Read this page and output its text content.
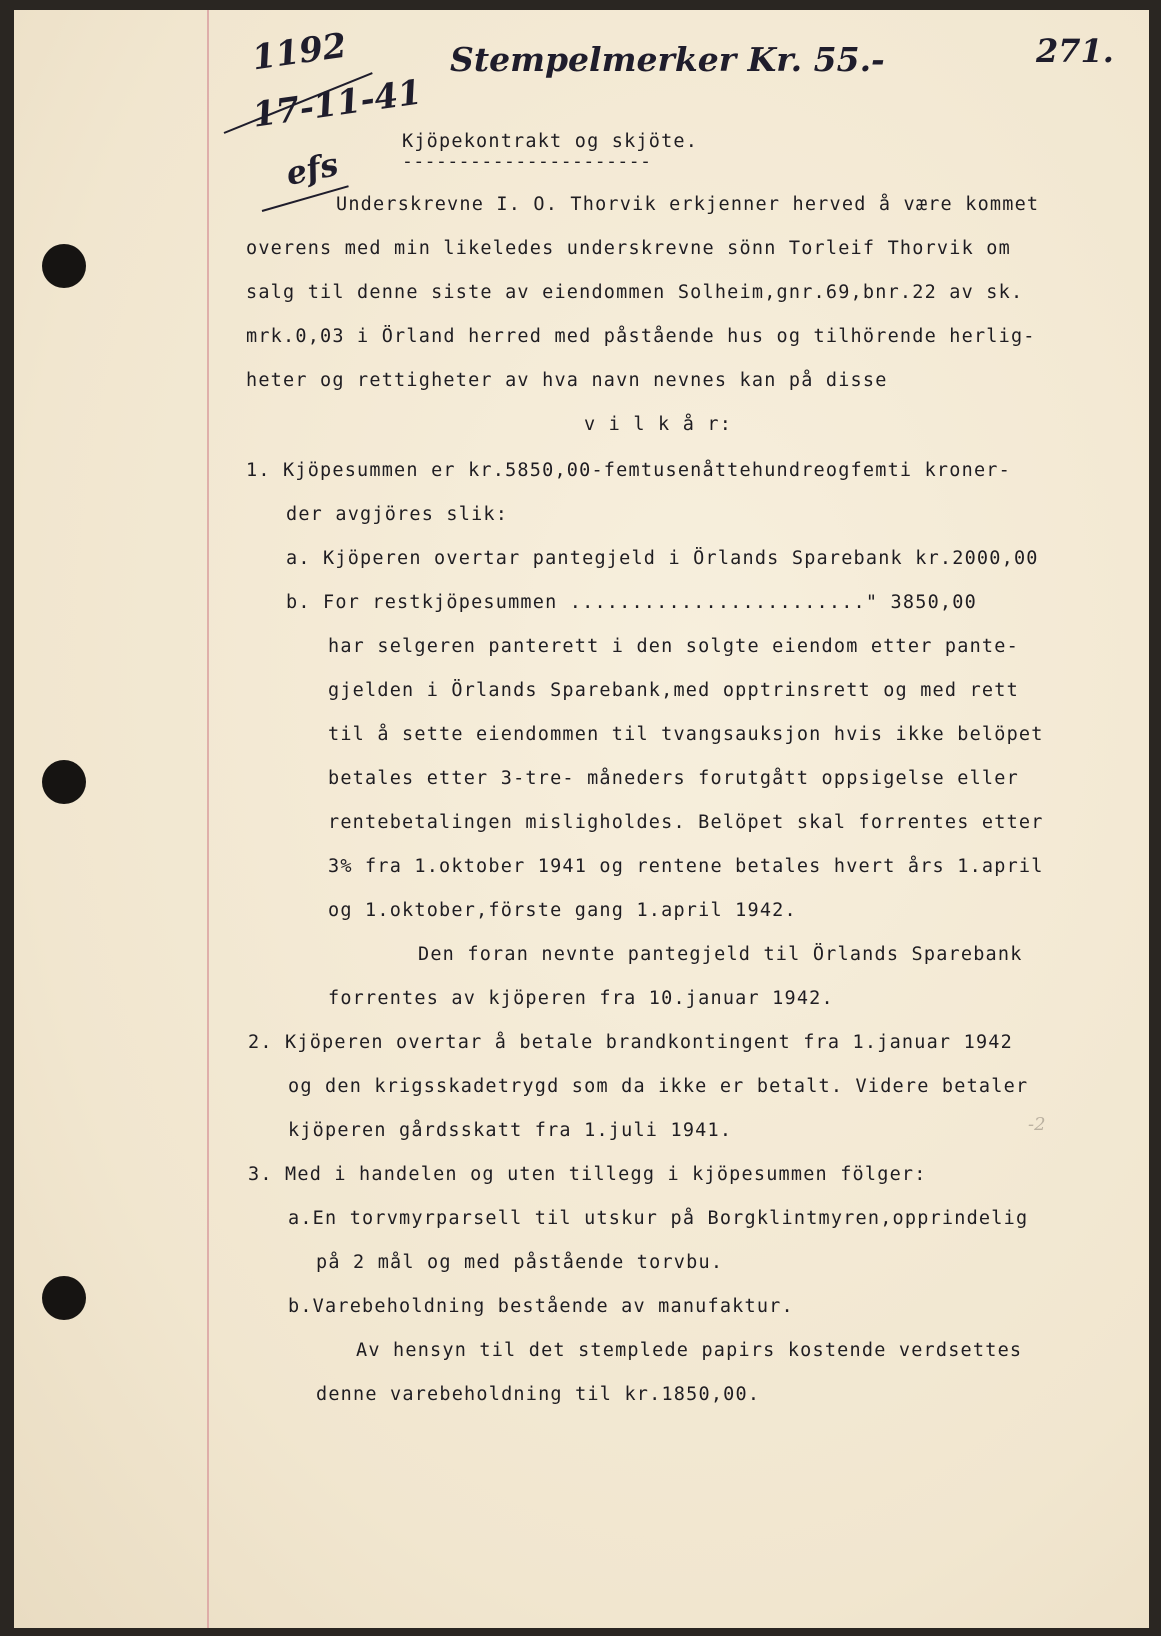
1192
17-11-41
efs
Stempelmerker Kr. 55.-	271.
Kjöpekontrakt og skjöte.
----------------------
Underskrevne I. O. Thorvik erkjenner herved å være kommet
overens med min likeledes underskrevne sönn Torleif Thorvik om
salg til denne siste av eiendommen Solheim,gnr.69,bnr.22 av sk.
mrk.0,03 i Örland herred med påstående hus og tilhörende herlig-
heter og rettigheter av hva navn nevnes kan på disse
v i l k å r:
1. Kjöpesummen er kr.5850,00-femtusenåttehundreogfemti kroner-
der avgjöres slik:
a. Kjöperen overtar pantegjeld i Örlands Sparebank kr.2000,00
b. For restkjöpesummen ........................" 3850,00
har selgeren panterett i den solgte eiendom etter pante-
gjelden i Örlands Sparebank,med opptrinsrett og med rett
til å sette eiendommen til tvangsauksjon hvis ikke belöpet
betales etter 3-tre- måneders forutgått oppsigelse eller
rentebetalingen misligholdes. Belöpet skal forrentes etter
3% fra 1.oktober 1941 og rentene betales hvert års 1.april
og 1.oktober,förste gang 1.april 1942.
Den foran nevnte pantegjeld til Örlands Sparebank
forrentes av kjöperen fra 10.januar 1942.
2. Kjöperen overtar å betale brandkontingent fra 1.januar 1942
og den krigsskadetrygd som da ikke er betalt. Videre betaler
kjöperen gårdsskatt fra 1.juli 1941.	-2
3. Med i handelen og uten tillegg i kjöpesummen fölger:
a.En torvmyrparsell til utskur på Borgklintmyren,opprindelig
på 2 mål og med påstående torvbu.
b.Varebeholdning bestående av manufaktur.
Av hensyn til det stemplede papirs kostende verdsettes
denne varebeholdning til kr.1850,00.
